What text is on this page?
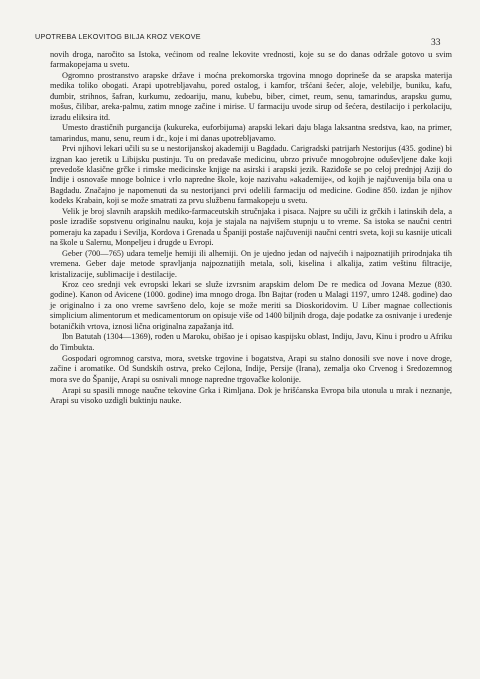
UPOTREBA LEKOVITOG BILJA KROZ VEKOVE
33

novih droga, naročito sa Istoka, većinom od realne lekovite vrednosti, koje su se do danas održale gotovo u svim farmakopejama u svetu.

Ogromno prostranstvo arapske države i moćna prekomorska trgovina mnogo doprineše da se arapska materija medika toliko obogati. Arapi upotrebljavahu, pored ostalog, i kamfor, tršćani šećer, aloje, velebilje, buniku, kafu, đumbir, strihnos, šafran, kurkumu, zedoariju, manu, kubebu, biber, cimet, reum, senu, tamarindus, arapsku gumu, mošus, čilibar, areka-palmu, zatim mnoge začine i mirise. U farmaciju uvode sirup od šećera, destilacijo i perkolaciju, izradu eliksira itd.

Umesto drastičnih purgancija (kukureka, euforbijuma) arapski lekari daju blaga laksantna sredstva, kao, na primer, tamarindus, manu, senu, reum i dr., koje i mi danas upotrebljavamo.

Prvi njihovi lekari učili su se u nestorijanskoj akademiji u Bagdadu. Carigradski patrijarh Nestorijus (435. godine) bi izgnan kao jeretik u Libijsku pustinju. Tu on predavaše medicinu, ubrzo privuče mnogobrojne oduševljene đake koji prevedoše klasične grčke i rimske medicinske knjige na asirski i arapski jezik. Raziđoše se po celoj prednjoj Aziji do Indije i osnovaše mnoge bolnice i vrlo napredne škole, koje nazivahu »akademije«, od kojih je najčuvenija bila ona u Bagdadu. Značajno je napomenuti da su nestorijanci prvi odelili farmaciju od medicine. Godine 850. izdan je njihov kodeks Krabain, koji se može smatrati za prvu službenu farmakopeju u svetu.

Velik je broj slavnih arapskih mediko-farmaceutskih stručnjaka i pisaca. Najpre su učili iz grčkih i latinskih dela, a posle izradiše sopstvenu originalnu nauku, koja je stajala na najvišem stupnju u to vreme. Sa istoka se naučni centri pomeraju ka zapadu i Sevilja, Kordova i Grenada u Španiji postaše najčuveniji naučni centri sveta, koji su kasnije uticali na škole u Salernu, Monpeljeu i drugde u Evropi.

Geber (700—765) udara temelje hemiji ili alhemiji. On je ujedno jedan od najvećih i najpoznatijih prirodnjaka tih vremena. Geber daje metode spravljanja najpoznatijih metala, soli, kiselina i alkalija, zatim veštinu filtracije, kristalizacije, sublimacije i destilacije.

Kroz ceo srednji vek evropski lekari se služe izvrsnim arapskim delom De re medica od Jovana Mezue (830. godine). Kanon od Avicene (1000. godine) ima mnogo droga. Ibn Bajtar (rođen u Malagi 1197, umro 1248. godine) dao je originalno i za ono vreme savršeno delo, koje se može meriti sa Dioskoridovim. U Liber magnae collectionis simplicium alimentorum et medicamentorum on opisuje više od 1400 biljnih droga, daje podatke za osnivanje i uređenje botaničkih vrtova, iznosi lična originalna zapažanja itd.

Ibn Batutah (1304—1369), rođen u Maroku, obišao je i opisao kaspijsku oblast, Indiju, Javu, Kinu i prodro u Afriku do Timbukta.

Gospodari ogromnog carstva, mora, svetske trgovine i bogatstva, Arapi su stalno donosili sve nove i nove droge, začine i aromatike. Od Sundskih ostrva, preko Cejlona, Indije, Persije (Irana), zemalja oko Crvenog i Sredozemnog mora sve do Španije, Arapi su osnivali mnoge napredne trgovačke kolonije.

Arapi su spasili mnoge naučne tekovine Grka i Rimljana. Dok je hrišćanska Evropa bila utonula u mrak i neznanje, Arapi su visoko uzdigli buktinju nauke.
